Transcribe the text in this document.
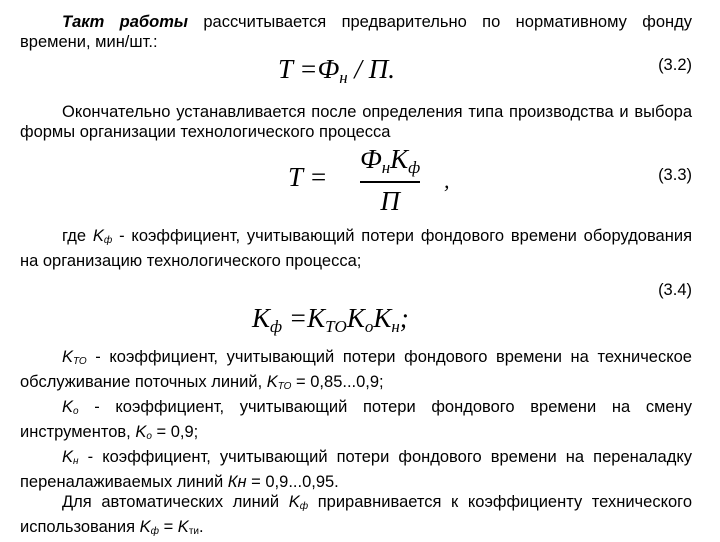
Такт работы рассчитывается предварительно по нормативному фонду времени, мин/шт.:

T =Фн / П.	(3.2)

Окончательно устанавливается после определения типа производства и выбора формы организации технологического процесса

T =
ФнKф
П
,	(3.3)

где $K_ф$ - коэффициент, учитывающий потери фондового времени оборудования на организацию технологического процесса;

(3.4)
Kф =KТОKоKн;

$K_{ТО}$ - коэффициент, учитывающий потери фондового времени на техническое обслуживание поточных линий, $K_{ТО} = 0,85...0,9$;

$K_о$ - коэффициент, учитывающий потери фондового времени на смену инструментов, $K_о = 0,9$;

$K_н$ - коэффициент, учитывающий потери фондового времени на переналадку переналаживаемых линий Кн = 0,9...0,95.

Для автоматических линий $K_ф$ приравнивается к коэффициенту технического использования $K_ф = K_{ти}$.
